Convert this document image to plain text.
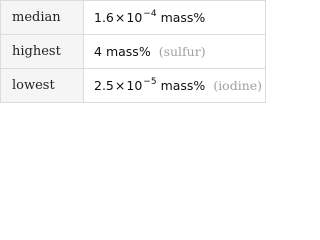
median	$1.6\times 10^{-4}$ mass%
highest	4 mass% (sulfur)
lowest	$2.5\times 10^{-5}$ mass% (iodine)
